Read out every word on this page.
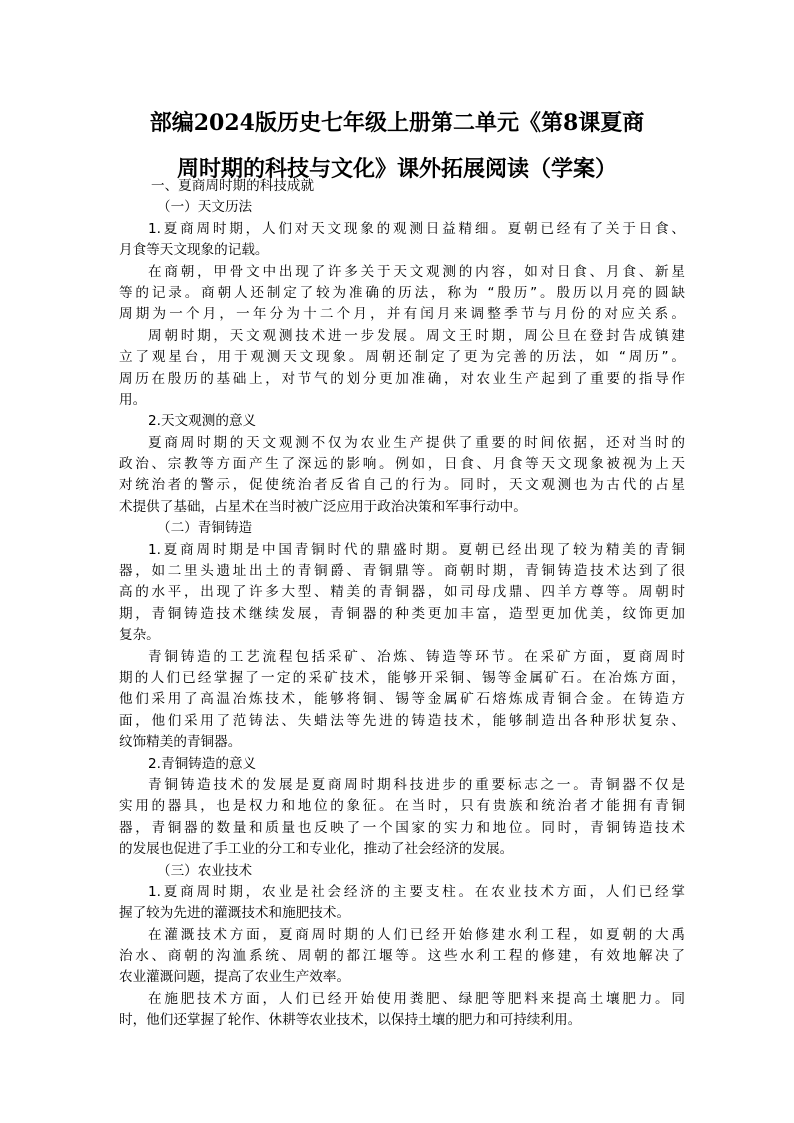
部编2024版历史七年级上册第二单元《第8课夏商
周时期的科技与文化》课外拓展阅读（学案）
一、夏商周时期的科技成就
（一）天文历法
1.夏商周时期，人们对天文现象的观测日益精细。夏朝已经有了关于日食、
月食等天文现象的记载。
在商朝，甲骨文中出现了许多关于天文观测的内容，如对日食、月食、新星
等的记录。商朝人还制定了较为准确的历法，称为 “殷历”。殷历以月亮的圆缺
周期为一个月，一年分为十二个月，并有闰月来调整季节与月份的对应关系。
周朝时期，天文观测技术进一步发展。周文王时期，周公旦在登封告成镇建
立了观星台，用于观测天文现象。周朝还制定了更为完善的历法，如 “周历”。
周历在殷历的基础上，对节气的划分更加准确，对农业生产起到了重要的指导作
用。
2.天文观测的意义
夏商周时期的天文观测不仅为农业生产提供了重要的时间依据，还对当时的
政治、宗教等方面产生了深远的影响。例如，日食、月食等天文现象被视为上天
对统治者的警示，促使统治者反省自己的行为。同时，天文观测也为古代的占星
术提供了基础，占星术在当时被广泛应用于政治决策和军事行动中。
（二）青铜铸造
1.夏商周时期是中国青铜时代的鼎盛时期。夏朝已经出现了较为精美的青铜
器，如二里头遗址出土的青铜爵、青铜鼎等。商朝时期，青铜铸造技术达到了很
高的水平，出现了许多大型、精美的青铜器，如司母戊鼎、四羊方尊等。周朝时
期，青铜铸造技术继续发展，青铜器的种类更加丰富，造型更加优美，纹饰更加
复杂。
青铜铸造的工艺流程包括采矿、冶炼、铸造等环节。在采矿方面，夏商周时
期的人们已经掌握了一定的采矿技术，能够开采铜、锡等金属矿石。在冶炼方面，
他们采用了高温冶炼技术，能够将铜、锡等金属矿石熔炼成青铜合金。在铸造方
面，他们采用了范铸法、失蜡法等先进的铸造技术，能够制造出各种形状复杂、
纹饰精美的青铜器。
2.青铜铸造的意义
青铜铸造技术的发展是夏商周时期科技进步的重要标志之一。青铜器不仅是
实用的器具，也是权力和地位的象征。在当时，只有贵族和统治者才能拥有青铜
器，青铜器的数量和质量也反映了一个国家的实力和地位。同时，青铜铸造技术
的发展也促进了手工业的分工和专业化，推动了社会经济的发展。
（三）农业技术
1.夏商周时期，农业是社会经济的主要支柱。在农业技术方面，人们已经掌
握了较为先进的灌溉技术和施肥技术。
在灌溉技术方面，夏商周时期的人们已经开始修建水利工程，如夏朝的大禹
治水、商朝的沟洫系统、周朝的都江堰等。这些水利工程的修建，有效地解决了
农业灌溉问题，提高了农业生产效率。
在施肥技术方面，人们已经开始使用粪肥、绿肥等肥料来提高土壤肥力。同
时，他们还掌握了轮作、休耕等农业技术，以保持土壤的肥力和可持续利用。
